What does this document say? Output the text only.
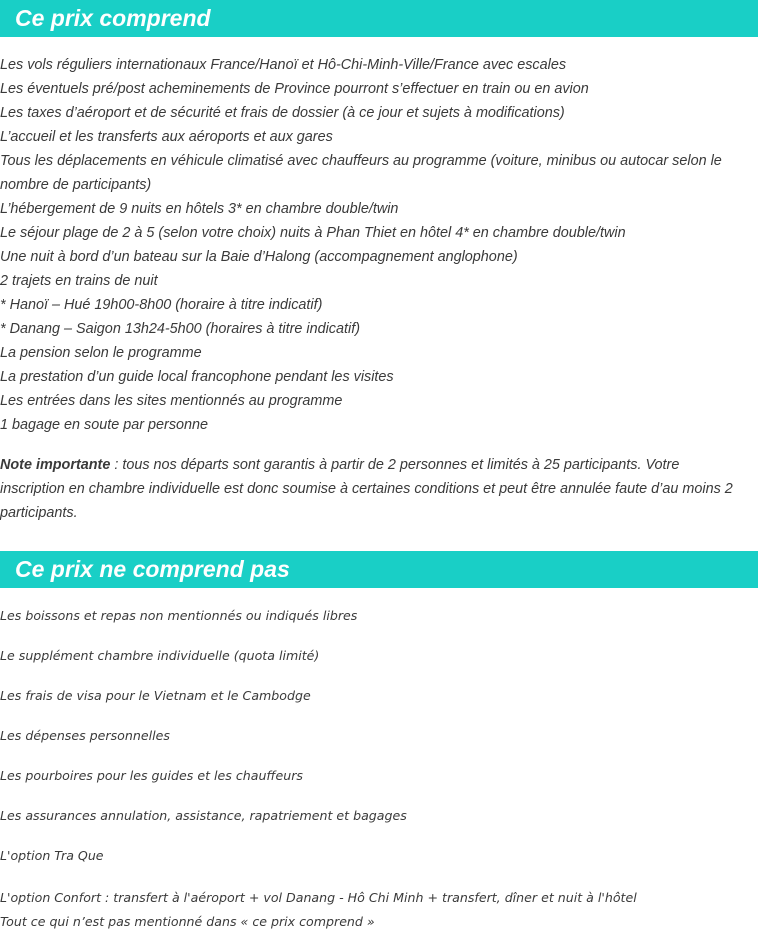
Ce prix comprend
Les vols réguliers internationaux France/Hanoï et Hô-Chi-Minh-Ville/France avec escales
Les éventuels pré/post acheminements de Province pourront s’effectuer en train ou en avion
Les taxes d’aéroport et de sécurité et frais de dossier (à ce jour et sujets à modifications)
L’accueil et les transferts aux aéroports et aux gares
Tous les déplacements en véhicule climatisé avec chauffeurs au programme (voiture, minibus ou autocar selon le nombre de participants)
L’hébergement de 9 nuits en hôtels 3* en chambre double/twin
Le séjour plage de 2 à 5 (selon votre choix) nuits à Phan Thiet en hôtel 4* en chambre double/twin
Une nuit à bord d’un bateau sur la Baie d’Halong (accompagnement anglophone)
2 trajets en trains de nuit
* Hanoï – Hué 19h00-8h00 (horaire à titre indicatif)
* Danang – Saigon 13h24-5h00 (horaires à titre indicatif)
La pension selon le programme
La prestation d’un guide local francophone pendant les visites
Les entrées dans les sites mentionnés au programme
1 bagage en soute par personne
Note importante : tous nos départs sont garantis à partir de 2 personnes et limités à 25 participants. Votre inscription en chambre individuelle est donc soumise à certaines conditions et peut être annulée faute d’au moins 2 participants.
Ce prix ne comprend pas
Les boissons et repas non mentionnés ou indiqués libres
Le supplément chambre individuelle (quota limité)
Les frais de visa pour le Vietnam et le Cambodge
Les dépenses personnelles
Les pourboires pour les guides et les chauffeurs
Les assurances annulation, assistance, rapatriement et bagages
L'option Tra Que
L'option Confort : transfert à l'aéroport + vol Danang - Hô Chi Minh + transfert, dîner et nuit à l'hôtel
Tout ce qui n’est pas mentionné dans « ce prix comprend »
